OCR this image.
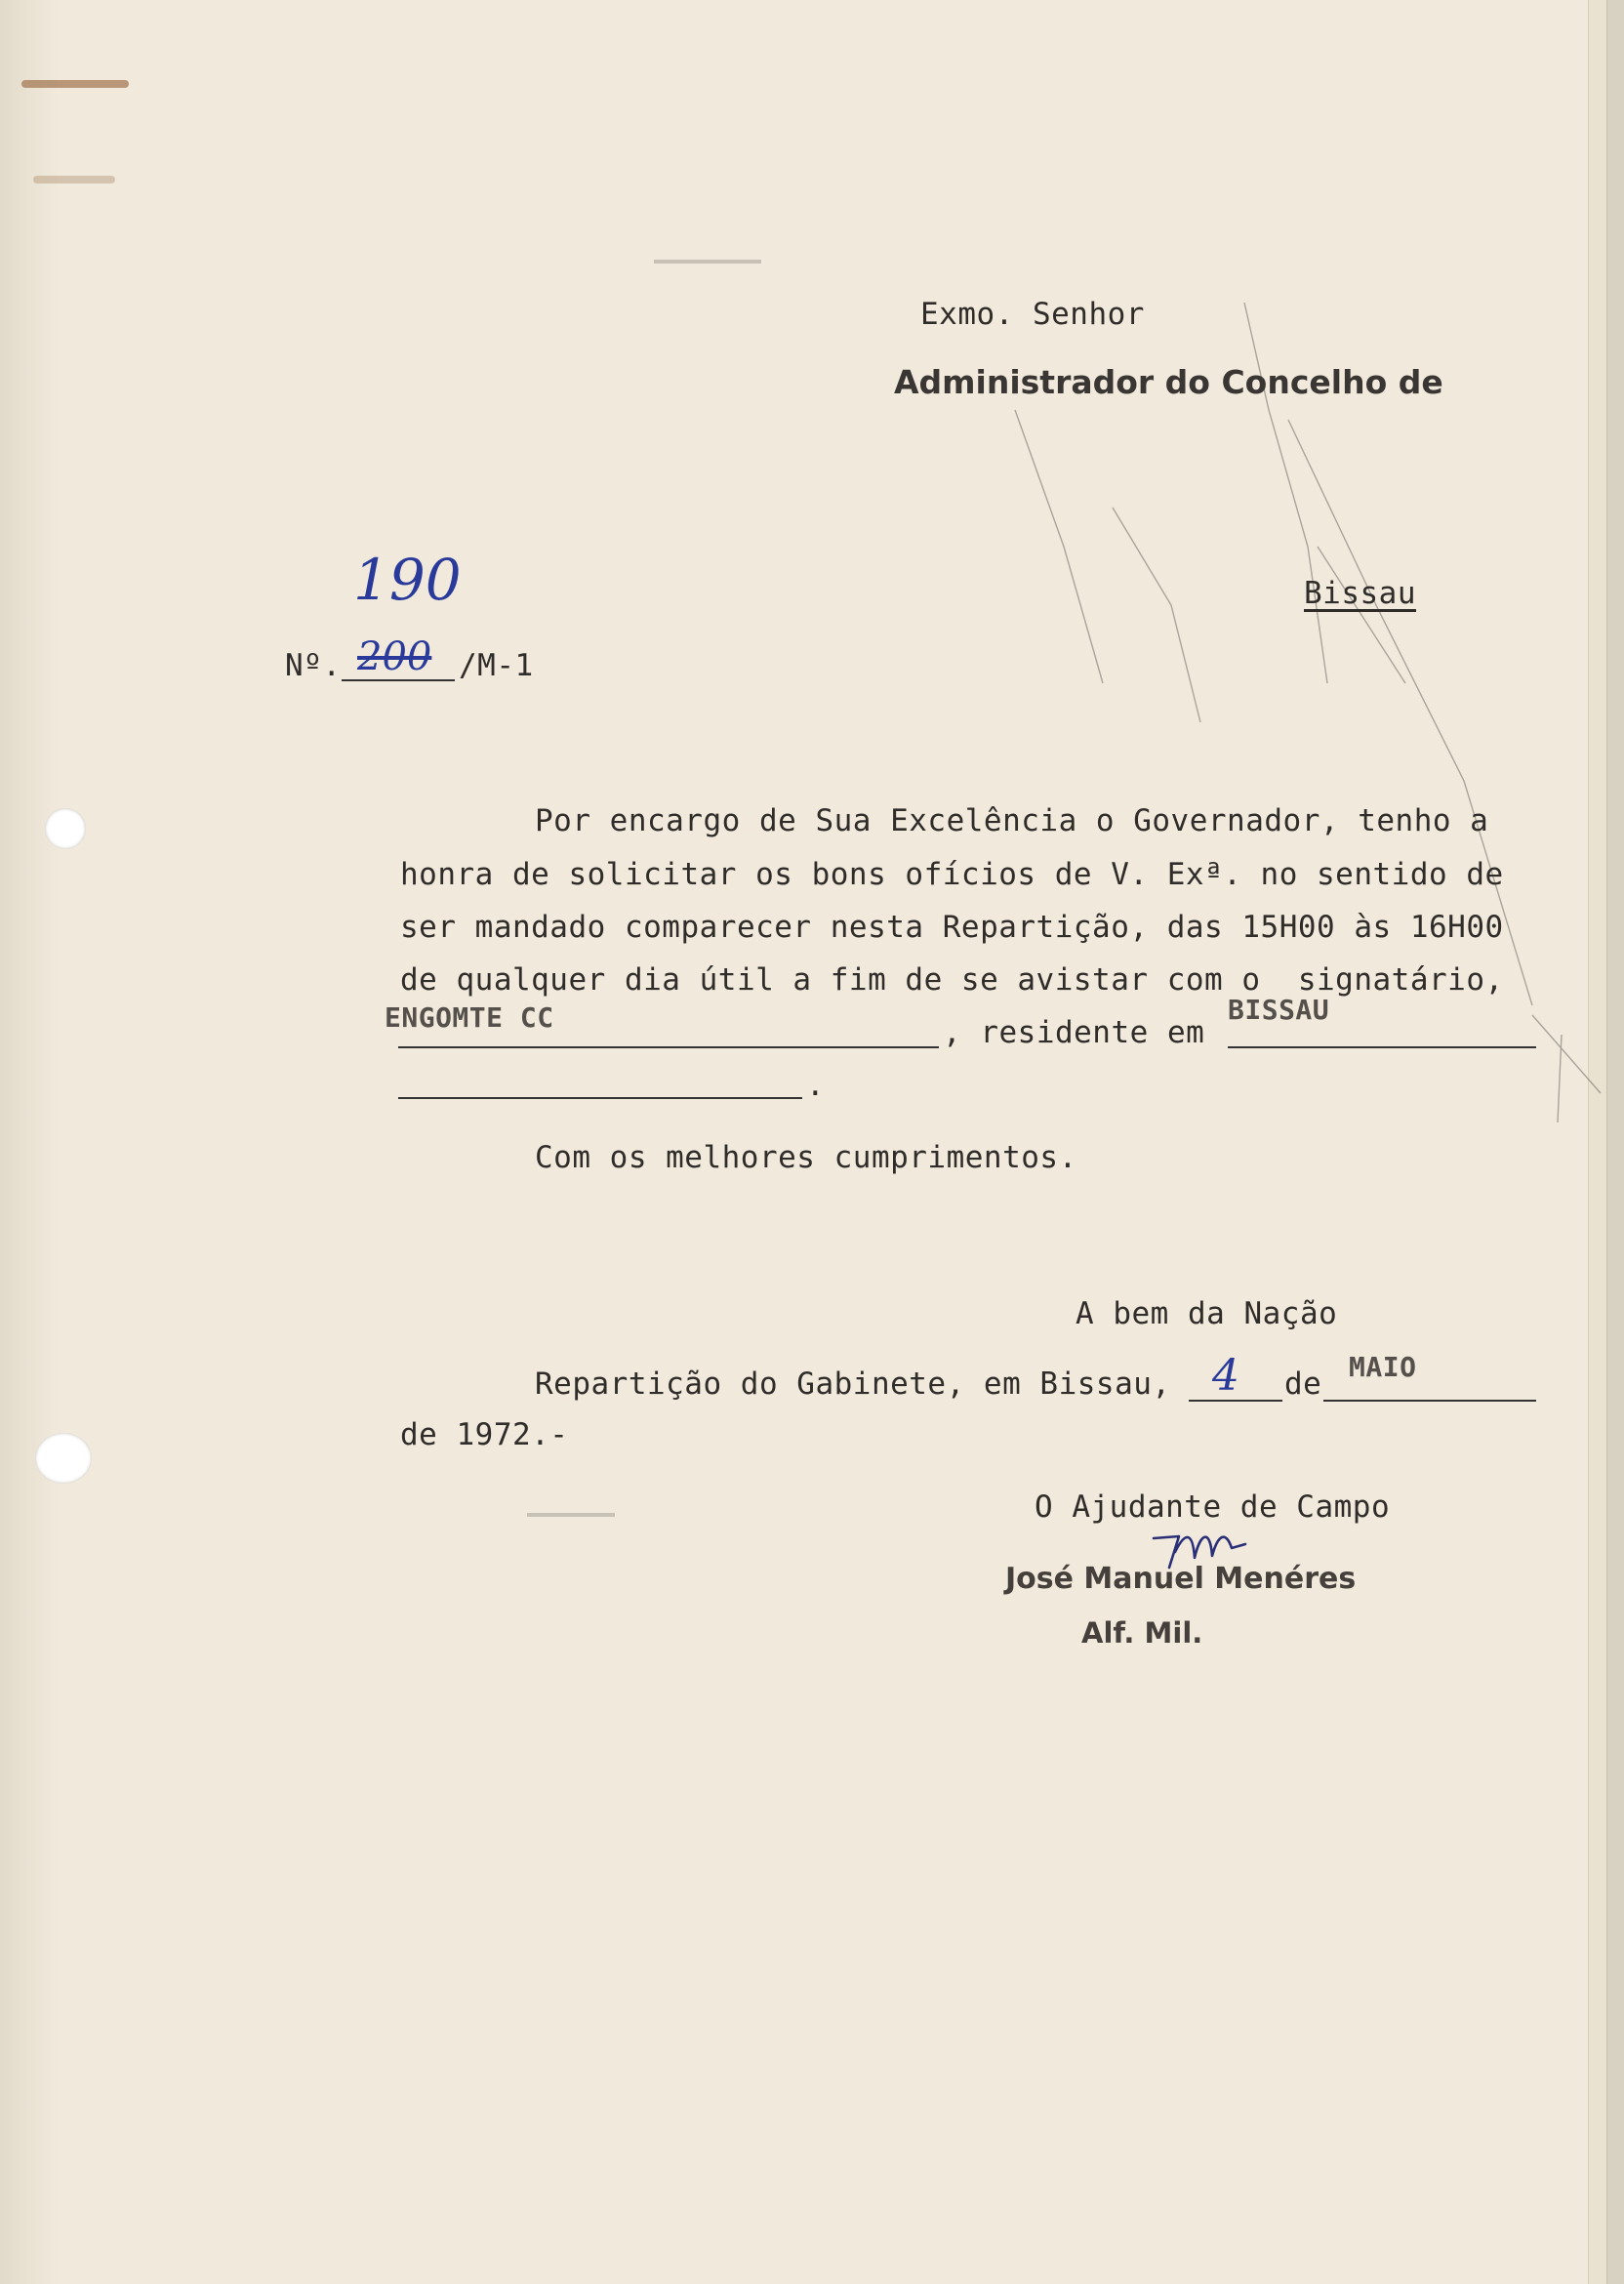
Exmo. Senhor
Administrador do Concelho de
Bissau
190
Nº. 200 /M-1
Por encargo de Sua Excelência o Governador, tenho a
honra de solicitar os bons ofícios de V. Exª. no sentido de
ser mandado comparecer nesta Repartição, das 15H00 às 16H00
de qualquer dia útil a fim de se avistar com o  signatário,
ENGOMTE CC	, residente em
BISSAU
.
Com os melhores cumprimentos.
A bem da Nação
Repartição do Gabinete, em Bissau, 4 de MAIO
de 1972.-
O Ajudante de Campo
José Manuel Menéres
Alf. Mil.
